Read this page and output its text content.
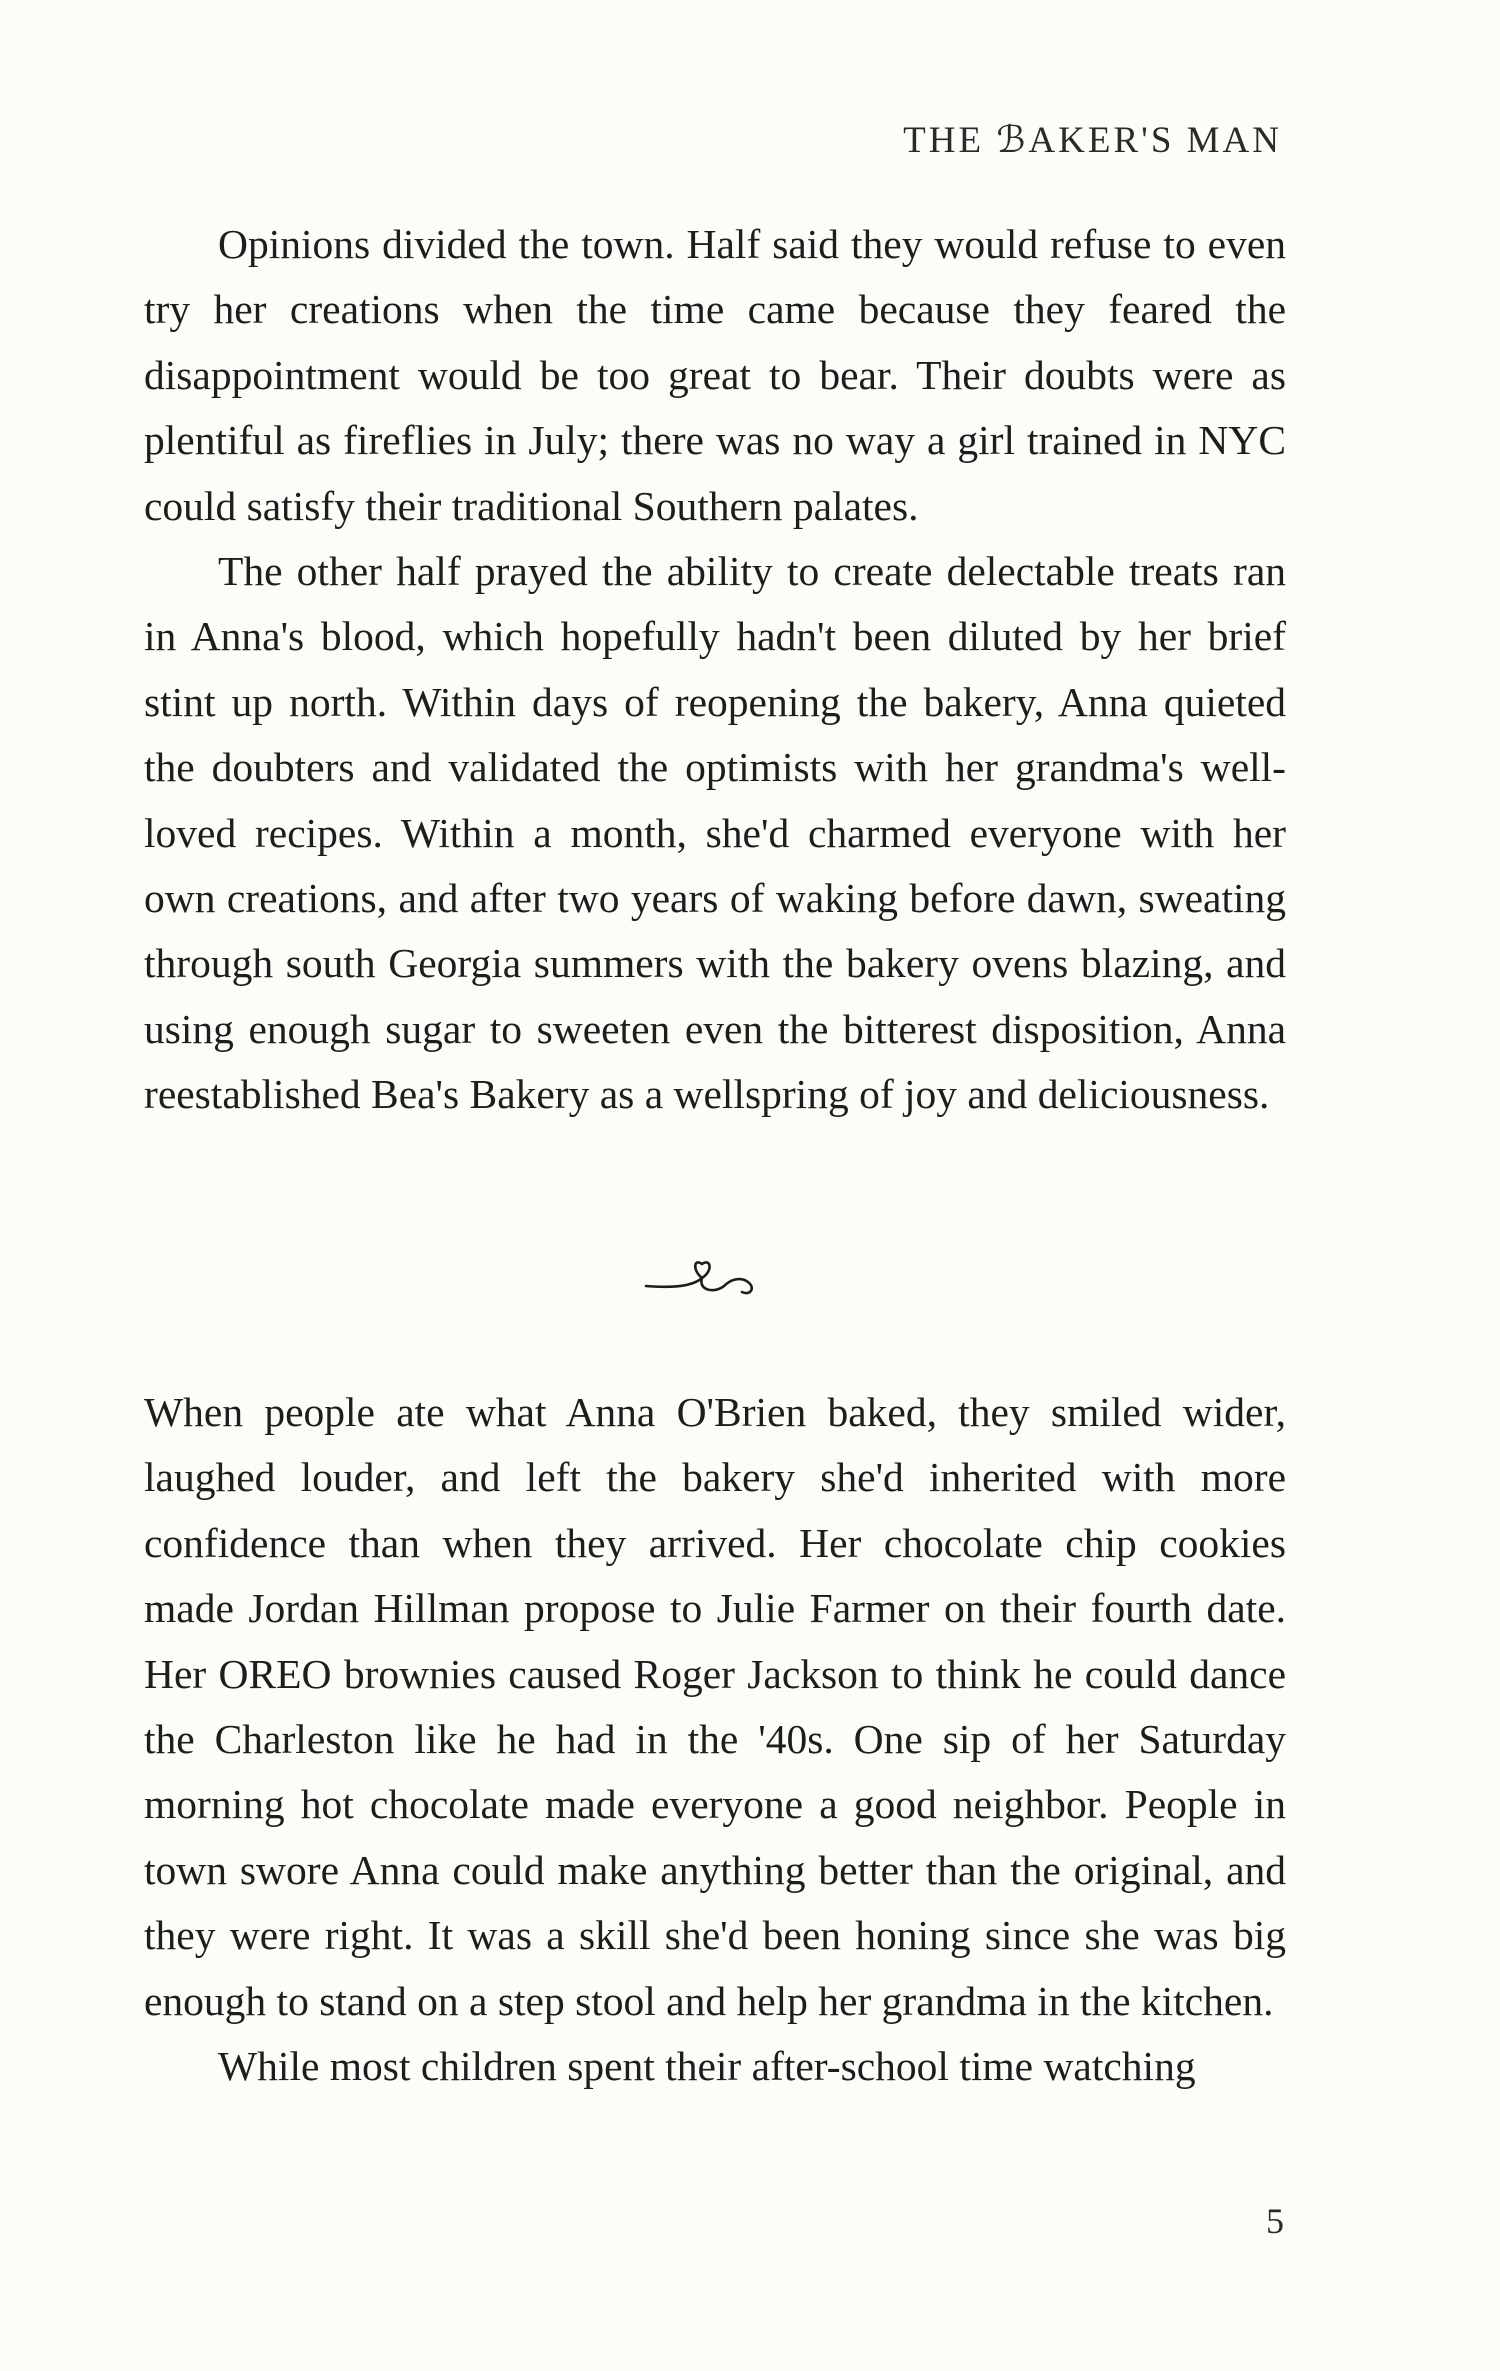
THE ℬAKER'S MAN

Opinions divided the town. Half said they would refuse to even try her creations when the time came because they feared the disappointment would be too great to bear. Their doubts were as plentiful as fireflies in July; there was no way a girl trained in NYC could satisfy their traditional Southern palates.

The other half prayed the ability to create delectable treats ran in Anna's blood, which hopefully hadn't been diluted by her brief stint up north. Within days of reopening the bakery, Anna quieted the doubters and validated the optimists with her grandma's well-loved recipes. Within a month, she'd charmed everyone with her own creations, and after two years of waking before dawn, sweating through south Georgia summers with the bakery ovens blazing, and using enough sugar to sweeten even the bitterest disposition, Anna reestablished Bea's Bakery as a wellspring of joy and deliciousness.

When people ate what Anna O'Brien baked, they smiled wider, laughed louder, and left the bakery she'd inherited with more confidence than when they arrived. Her chocolate chip cookies made Jordan Hillman propose to Julie Farmer on their fourth date. Her OREO brownies caused Roger Jackson to think he could dance the Charleston like he had in the '40s. One sip of her Saturday morning hot chocolate made everyone a good neighbor. People in town swore Anna could make anything better than the original, and they were right. It was a skill she'd been honing since she was big enough to stand on a step stool and help her grandma in the kitchen.

While most children spent their after-school time watching

5
